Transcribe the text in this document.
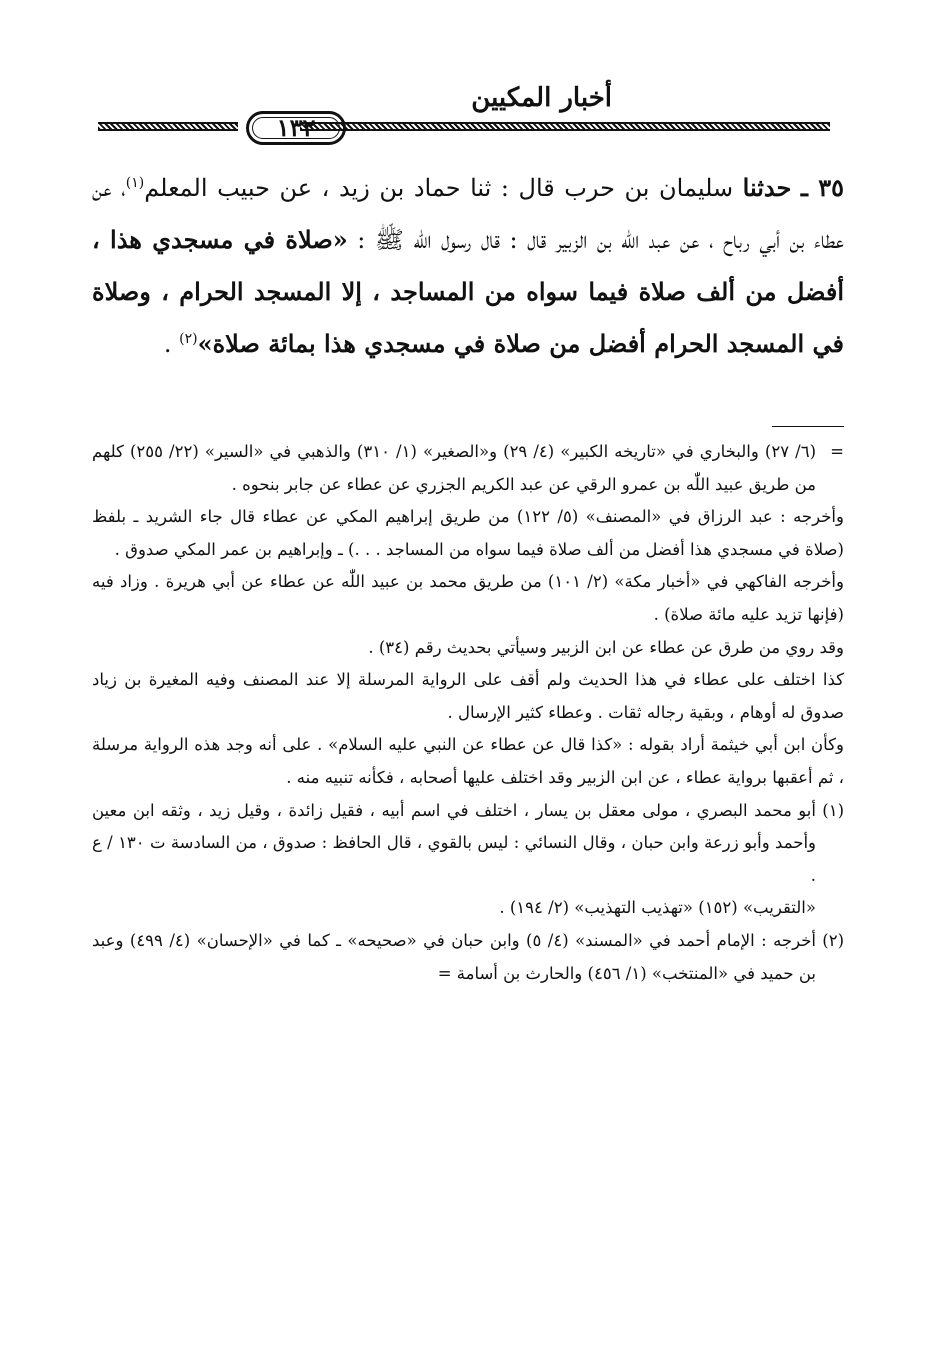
أخبار المكيين
١٣٢

٣٥ ـ حدثنا سليمان بن حرب قال : ثنا حماد بن زيد ، عن حبيب المعلم$^{(١)}$، عن عطاء بن أبي رباح ، عن عبد اللّٰه بن الزبير قال : قال رسول اللّٰه ﷺ : «صلاة في مسجدي هذا ، أفضل من ألف صلاة فيما سواه من المساجد ، إلا المسجد الحرام ، وصلاة في المسجد الحرام أفضل من صلاة في مسجدي هذا بمائة صلاة»$^{(٢)}$ .

=

(٦/ ٢٧) والبخاري في «تاريخه الكبير» (٤/ ٢٩) و«الصغير» (١/ ٣١٠) والذهبي في «السير» (٢٢/ ٢٥٥) كلهم من طريق عبيد اللّٰه بن عمرو الرقي عن عبد الكريم الجزري عن عطاء عن جابر بنحوه .

وأخرجه : عبد الرزاق في «المصنف» (٥/ ١٢٢) من طريق إبراهيم المكي عن عطاء قال جاء الشريد ـ بلفظ (صلاة في مسجدي هذا أفضل من ألف صلاة فيما سواه من المساجد . . .) ـ وإبراهيم بن عمر المكي صدوق .

وأخرجه الفاكهي في «أخبار مكة» (٢/ ١٠١) من طريق محمد بن عبيد اللّٰه عن عطاء عن أبي هريرة . وزاد فيه (فإنها تزيد عليه مائة صلاة) .

وقد روي من طرق عن عطاء عن ابن الزبير وسيأتي بحديث رقم (٣٤) .

كذا اختلف على عطاء في هذا الحديث ولم أقف على الرواية المرسلة إلا عند المصنف وفيه المغيرة بن زياد صدوق له أوهام ، وبقية رجاله ثقات . وعطاء كثير الإرسال .

وكأن ابن أبي خيثمة أراد بقوله : «كذا قال عن عطاء عن النبي عليه السلام» . على أنه وجد هذه الرواية مرسلة ، ثم أعقبها برواية عطاء ، عن ابن الزبير وقد اختلف عليها أصحابه ، فكأنه تنبيه منه .

(١)

أبو محمد البصري ، مولى معقل بن يسار ، اختلف في اسم أبيه ، فقيل زائدة ، وقيل زيد ، وثقه ابن معين وأحمد وأبو زرعة وابن حبان ، وقال النسائي : ليس بالقوي ، قال الحافظ : صدوق ، من السادسة ت ١٣٠ / ع .

«التقريب» (١٥٢) «تهذيب التهذيب» (٢/ ١٩٤) .

(٢)

أخرجه : الإمام أحمد في «المسند» (٤/ ٥) وابن حبان في «صحيحه» ـ كما في «الإحسان» (٤/ ٤٩٩) وعبد بن حميد في «المنتخب» (١/ ٤٥٦) والحارث بن أسامة =
